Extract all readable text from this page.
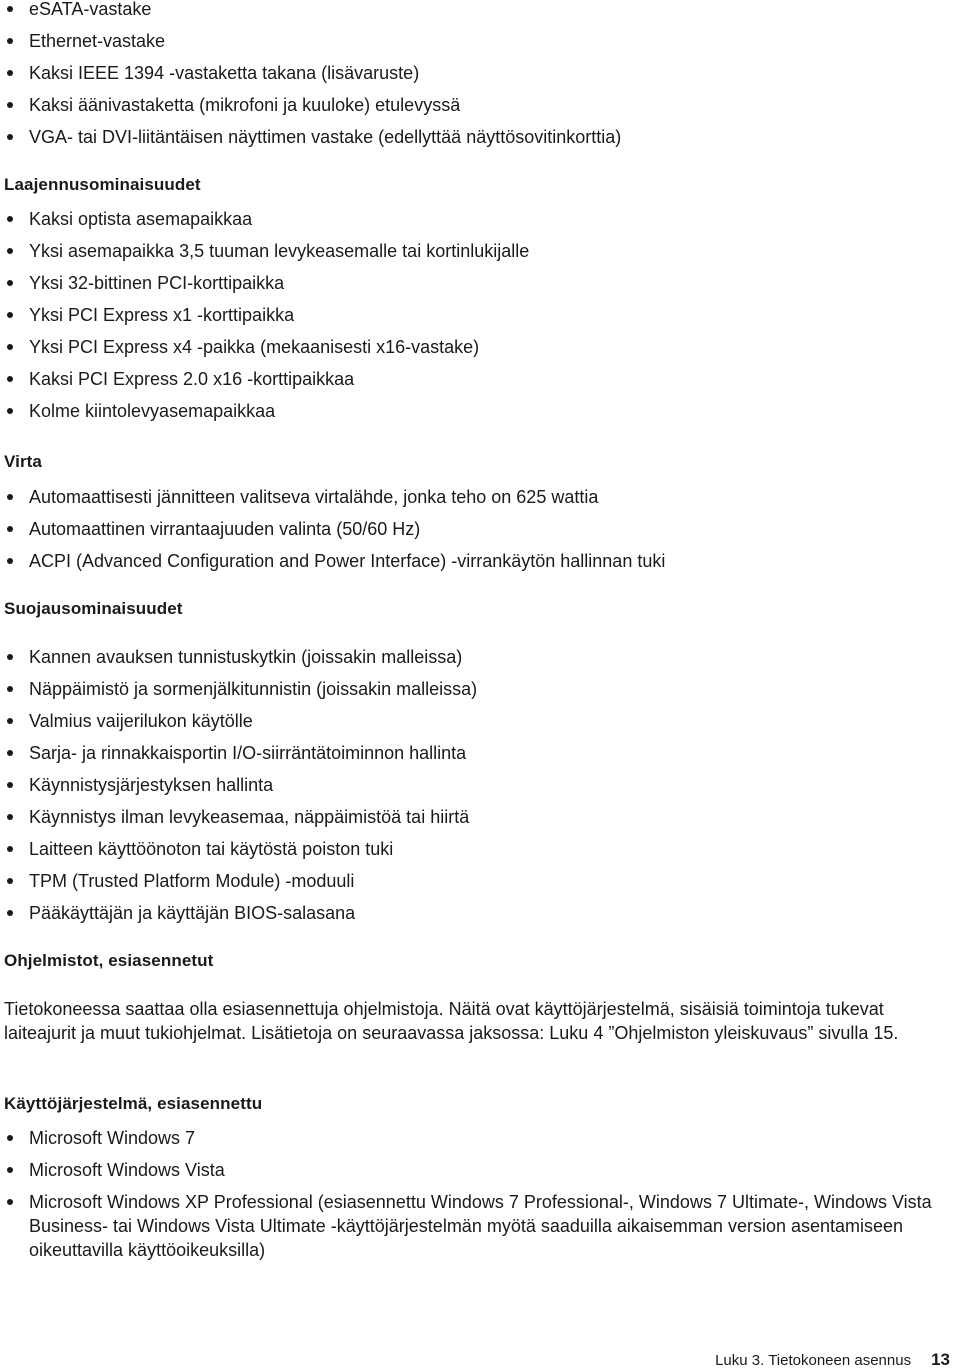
eSATA-vastake
Ethernet-vastake
Kaksi IEEE 1394 -vastaketta takana (lisävaruste)
Kaksi äänivastaketta (mikrofoni ja kuuloke) etulevyssä
VGA- tai DVI-liitäntäisen näyttimen vastake (edellyttää näyttösovitinkorttia)
Laajennusominaisuudet
Kaksi optista asemapaikkaa
Yksi asemapaikka 3,5 tuuman levykeasemalle tai kortinlukijalle
Yksi 32-bittinen PCI-korttipaikka
Yksi PCI Express x1 -korttipaikka
Yksi PCI Express x4 -paikka (mekaanisesti x16-vastake)
Kaksi PCI Express 2.0 x16 -korttipaikkaa
Kolme kiintolevyasemapaikkaa
Virta
Automaattisesti jännitteen valitseva virtalähde, jonka teho on 625 wattia
Automaattinen virrantaajuuden valinta (50/60 Hz)
ACPI (Advanced Configuration and Power Interface) -virrankäytön hallinnan tuki
Suojausominaisuudet
Kannen avauksen tunnistuskytkin (joissakin malleissa)
Näppäimistö ja sormenjälkitunnistin (joissakin malleissa)
Valmius vaijerilukon käytölle
Sarja- ja rinnakkaisportin I/O-siirräntätoiminnon hallinta
Käynnistysjärjestyksen hallinta
Käynnistys ilman levykeasemaa, näppäimistöä tai hiirtä
Laitteen käyttöönoton tai käytöstä poiston tuki
TPM (Trusted Platform Module) -moduuli
Pääkäyttäjän ja käyttäjän BIOS-salasana
Ohjelmistot, esiasennetut
Tietokoneessa saattaa olla esiasennettuja ohjelmistoja. Näitä ovat käyttöjärjestelmä, sisäisiä toimintoja tukevat laiteajurit ja muut tukiohjelmat. Lisätietoja on seuraavassa jaksossa: Luku 4 ”Ohjelmiston yleiskuvaus” sivulla 15.
Käyttöjärjestelmä, esiasennettu
Microsoft Windows 7
Microsoft Windows Vista
Microsoft Windows XP Professional (esiasennettu Windows 7 Professional-, Windows 7 Ultimate-, Windows Vista Business- tai Windows Vista Ultimate -käyttöjärjestelmän myötä saaduilla aikaisemman version asentamiseen oikeuttavilla käyttöoikeuksilla)
Luku 3. Tietokoneen asennus 13
